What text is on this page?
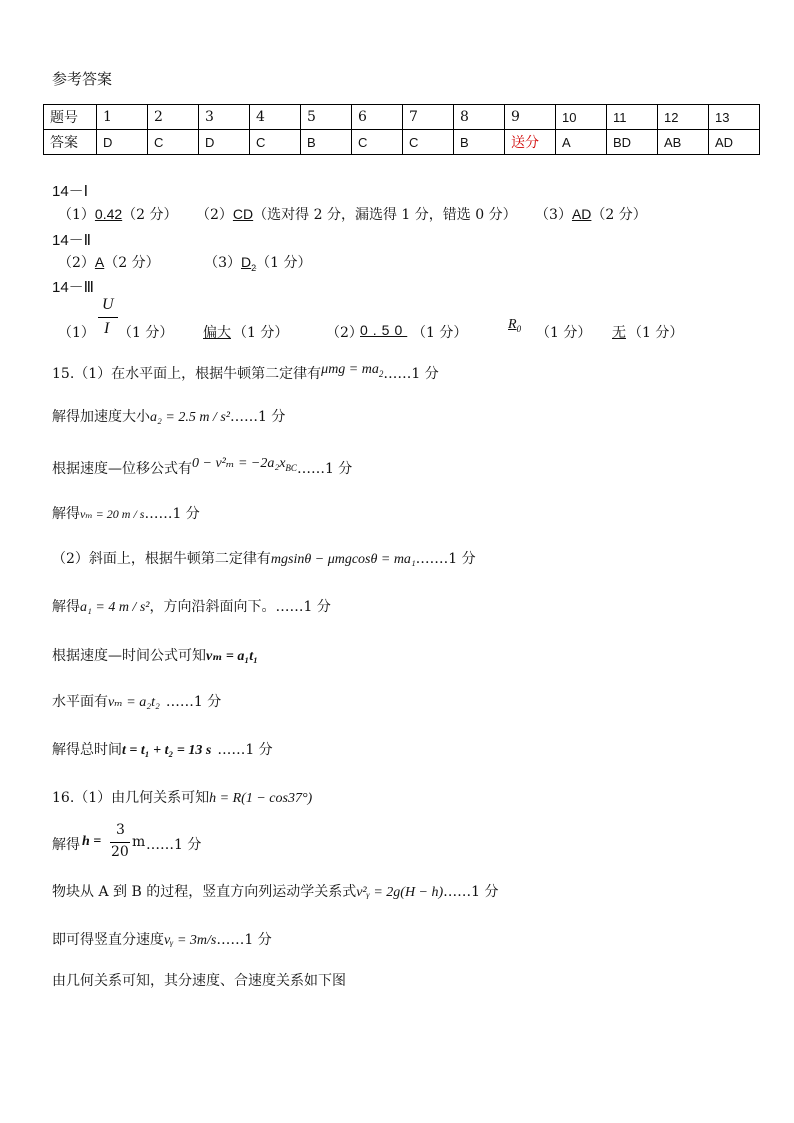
参考答案
题号	1	2	3	4	5	6	7	8	9	10	11	12	13
答案	D	C	D	C	B	C	C	B	送分	A	BD	AB	AD
14－Ⅰ
（1）0.42（2 分） （2）CD（选对得 2 分，漏选得 1 分，错选 0 分） （3）AD（2 分）
14－Ⅱ
（2）A（2 分）	$(3)D_2(1$ 分）
14－Ⅲ
（1）
U
I （1 分） 偏大 （1 分）	（2）
0.50 （1 分）
$R_0$	（1 分） 无 （1 分）
15.（1）在水平面上，根据牛顿第二定律有$\mu mg = ma_2\dots\dots 1$ 分
解得加速度大小a₂ = 2.5 m / s²……1 分
根据速度—位移公式有$0 - v^2_m = -2a_2x_{BC}\dots\dots 1$ 分
解得vₘ = 20 m / s……1 分
（2）斜面上，根据牛顿第二定律有mgsinθ − μmgcosθ = ma₁.……1 分
解得a₁ = 4 m / s²，方向沿斜面向下。……1 分
根据速度—时间公式可知vₘ = a₁t₁
水平面有vₘ = a₂t₂ ……1 分
解得总时间t = t₁ + t₂ = 13 s ……1 分
16.（1）由几何关系可知h = R(1 − cos37°)
解得 h =
3
20
m ……1 分
物块从 A 到 B 的过程，竖直方向列运动学关系式v²ᵧ = 2g(H − h)……1 分
即可得竖直分速度vᵧ = 3m/s……1 分
由几何关系可知，其分速度、合速度关系如下图
